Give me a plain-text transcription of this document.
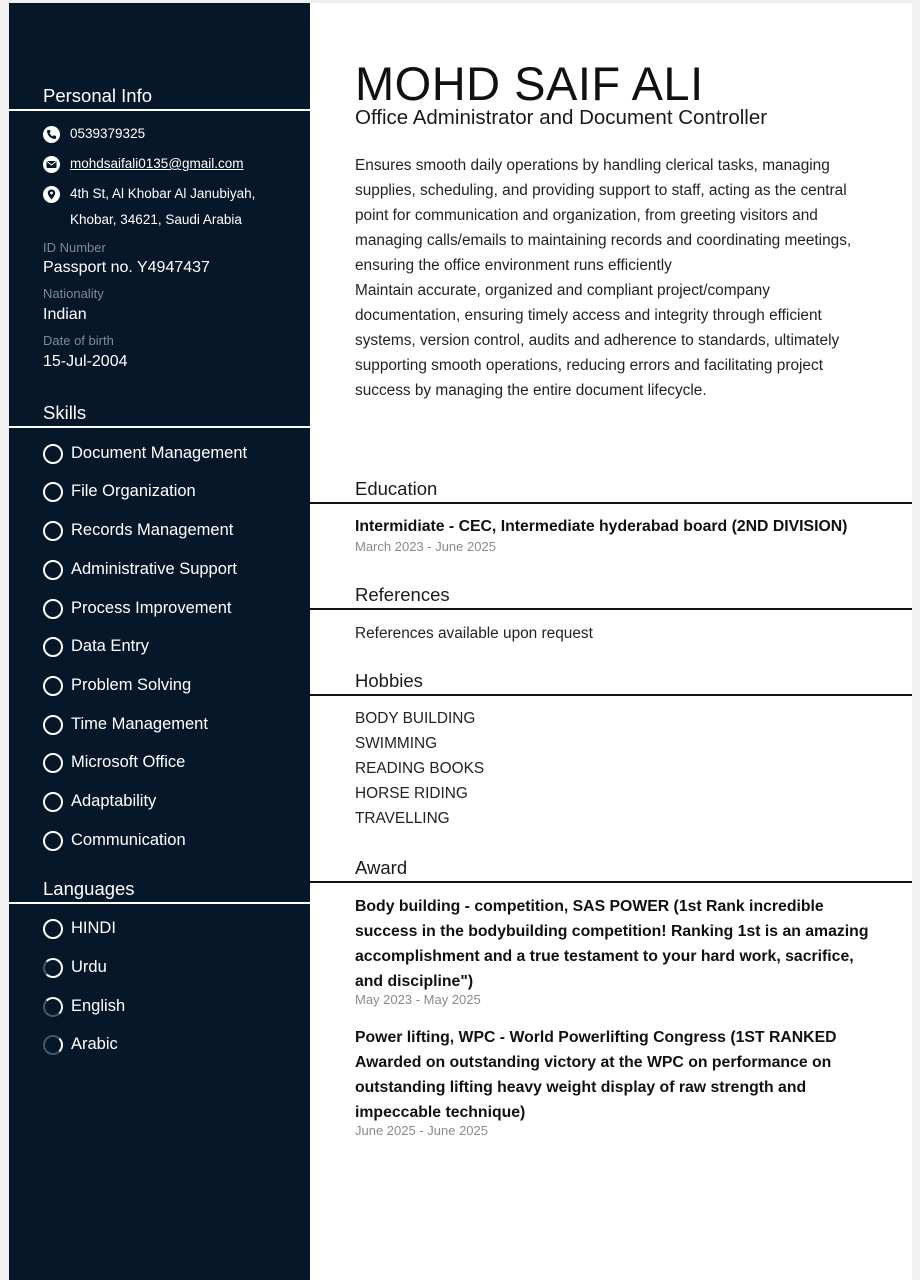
Personal Info
0539379325
mohdsaifali0135@gmail.com
4th St, Al Khobar Al Janubiyah,
Khobar, 34621, Saudi Arabia
ID Number
Passport no. Y4947437
Nationality
Indian
Date of birth
15-Jul-2004
Skills
Document Management
File Organization
Records Management
Administrative Support
Process Improvement
Data Entry
Problem Solving
Time Management
Microsoft Office
Adaptability
Communication
Languages
HINDI
Urdu
English
Arabic
MOHD SAIF ALI
Office Administrator and Document Controller
Ensures smooth daily operations by handling clerical tasks, managing supplies, scheduling, and providing support to staff, acting as the central point for communication and organization, from greeting visitors and managing calls/emails to maintaining records and coordinating meetings, ensuring the office environment runs efficiently
Maintain accurate, organized and compliant project/company documentation, ensuring timely access and integrity through efficient systems, version control, audits and adherence to standards, ultimately supporting smooth operations, reducing errors and facilitating project success by managing the entire document lifecycle.
Education
Intermidiate - CEC, Intermediate hyderabad board (2ND DIVISION)
March 2023 - June 2025
References
References available upon request
Hobbies
BODY BUILDING
SWIMMING
READING BOOKS
HORSE RIDING
TRAVELLING
Award
Body building - competition, SAS POWER (1st Rank incredible success in the bodybuilding competition! Ranking 1st is an amazing accomplishment and a true testament to your hard work, sacrifice, and discipline")
May 2023 - May 2025
Power lifting, WPC - World Powerlifting Congress (1ST RANKED Awarded on outstanding victory at the WPC on performance on outstanding lifting heavy weight display of raw strength and impeccable technique)
June 2025 - June 2025
